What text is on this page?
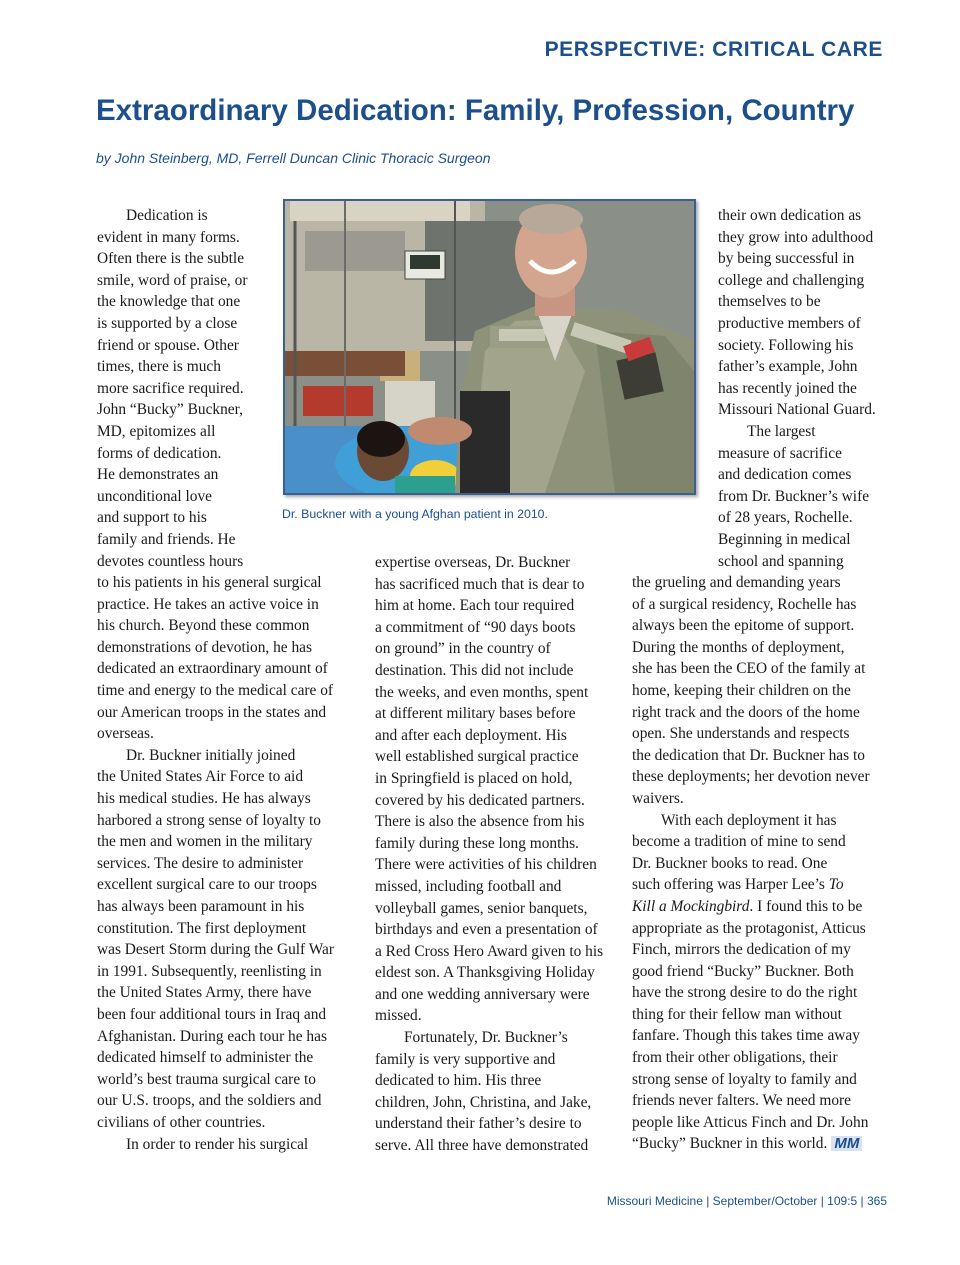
PERSPECTIVE: CRITICAL CARE
Extraordinary Dedication: Family, Profession, Country
by John Steinberg, MD, Ferrell Duncan Clinic Thoracic Surgeon
Dr. Buckner with a young Afghan patient in 2010.
Dedication is
evident in many forms.
Often there is the subtle
smile, word of praise, or
the knowledge that one
is supported by a close
friend or spouse. Other
times, there is much
more sacrifice required.
John “Bucky” Buckner,
MD, epitomizes all
forms of dedication.
He demonstrates an
unconditional love
and support to his
family and friends. He
devotes countless hours
to his patients in his general surgical
practice. He takes an active voice in
his church. Beyond these common
demonstrations of devotion, he has
dedicated an extraordinary amount of
time and energy to the medical care of
our American troops in the states and
overseas.
Dr. Buckner initially joined
the United States Air Force to aid
his medical studies. He has always
harbored a strong sense of loyalty to
the men and women in the military
services. The desire to administer
excellent surgical care to our troops
has always been paramount in his
constitution. The first deployment
was Desert Storm during the Gulf War
in 1991. Subsequently, reenlisting in
the United States Army, there have
been four additional tours in Iraq and
Afghanistan. During each tour he has
dedicated himself to administer the
world’s best trauma surgical care to
our U.S. troops, and the soldiers and
civilians of other countries.
In order to render his surgical
expertise overseas, Dr. Buckner
has sacrificed much that is dear to
him at home. Each tour required
a commitment of “90 days boots
on ground” in the country of
destination. This did not include
the weeks, and even months, spent
at different military bases before
and after each deployment. His
well established surgical practice
in Springfield is placed on hold,
covered by his dedicated partners.
There is also the absence from his
family during these long months.
There were activities of his children
missed, including football and
volleyball games, senior banquets,
birthdays and even a presentation of
a Red Cross Hero Award given to his
eldest son. A Thanksgiving Holiday
and one wedding anniversary were
missed.
Fortunately, Dr. Buckner’s
family is very supportive and
dedicated to him. His three
children, John, Christina, and Jake,
understand their father’s desire to
serve. All three have demonstrated
their own dedication as
they grow into adulthood
by being successful in
college and challenging
themselves to be
productive members of
society. Following his
father’s example, John
has recently joined the
Missouri National Guard.
The largest
measure of sacrifice
and dedication comes
from Dr. Buckner’s wife
of 28 years, Rochelle.
Beginning in medical
school and spanning
the grueling and demanding years
of a surgical residency, Rochelle has
always been the epitome of support.
During the months of deployment,
she has been the CEO of the family at
home, keeping their children on the
right track and the doors of the home
open. She understands and respects
the dedication that Dr. Buckner has to
these deployments; her devotion never
waivers.
With each deployment it has
become a tradition of mine to send
Dr. Buckner books to read. One
such offering was Harper Lee’s To
Kill a Mockingbird. I found this to be
appropriate as the protagonist, Atticus
Finch, mirrors the dedication of my
good friend “Bucky” Buckner. Both
have the strong desire to do the right
thing for their fellow man without
fanfare. Though this takes time away
from their other obligations, their
strong sense of loyalty to family and
friends never falters. We need more
people like Atticus Finch and Dr. John
“Bucky” Buckner in this world. MM
Missouri Medicine | September/October | 109:5 | 365
